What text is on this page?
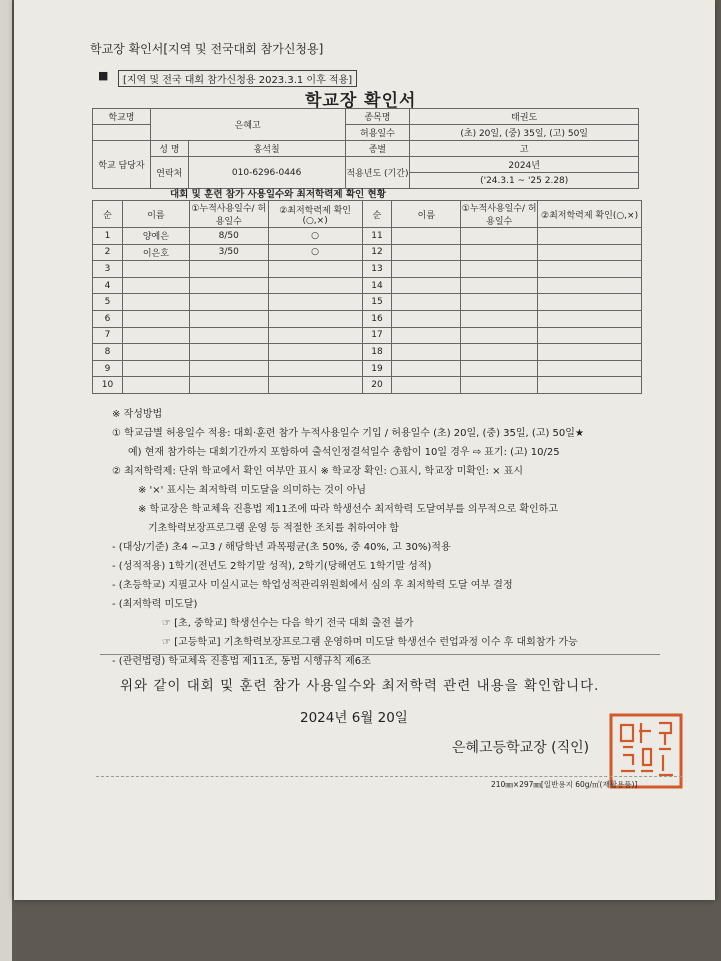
학교장 확인서[지역 및 전국대회 참가신청용]
■	[지역 및 전국 대회 참가신청용 2023.3.1 이후 적용]
학교장 확인서
학교명	은혜고		종목명	태권도
			허용일수	(초) 20일, (중) 35일, (고) 50일
학교 담당자	성 명	홍석칠	종별	고
	연락처	010-6296-0446	적용년도 (기간)	2024년
				('24.3.1 ~ '25 2.28)
대회 및 훈련 참가 사용일수와 최저학력제 확인 현황
순	이름	①누적사용일수/ 허용일수	②최저학력제 확인(○,×)	순	이름	①누적사용일수/ 허용일수	②최저학력제 확인(○,×)
1	양예은	8/50	○	11			
2	이은호	3/50	○	12			
3				13			
4				14			
5				15			
6				16			
7				17			
8				18			
9				19			
10				20			
※ 작성방법
① 학교급별 허용일수 적용: 대회·훈련 참가 누적사용일수 기입 / 허용일수 (초) 20일, (중) 35일, (고) 50일★
예) 현재 참가하는 대회기간까지 포함하여 출석인정결석일수 총합이 10일 경우 ⇨ 표기: (고) 10/25
② 최저학력제: 단위 학교에서 확인 여부만 표시 ※ 학교장 확인: ○표시, 학교장 미확인: × 표시
※ '×' 표시는 최저학력 미도달을 의미하는 것이 아님
※ 학교장은 학교체육 진흥법 제11조에 따라 학생선수 최저학력 도달여부를 의무적으로 확인하고
기초학력보장프로그램 운영 등 적절한 조치를 취하여야 함
- (대상/기준) 초4 ~고3 / 해당학년 과목평균(초 50%, 중 40%, 고 30%)적용
- (성적적용) 1학기(전년도 2학기말 성적), 2학기(당해연도 1학기말 성적)
- (초등학교) 지필고사 미실시교는 학업성적관리위원회에서 심의 후 최저학력 도달 여부 결정
- (최저학력 미도달)
☞ [초, 중학교] 학생선수는 다음 학기 전국 대회 출전 불가
☞ [고등학교] 기초학력보장프로그램 운영하며 미도달 학생선수 런업과정 이수 후 대회참가 가능
- (관련법령) 학교체육 진흥법 제11조, 동법 시행규칙 제6조
위와 같이 대회 및 훈련 참가 사용일수와 최저학력 관련 내용을 확인합니다.
2024년 6월 20일
은혜고등학교장 (직인)
210㎜×297㎜[일반용지 60g/㎡(재활용품)]
